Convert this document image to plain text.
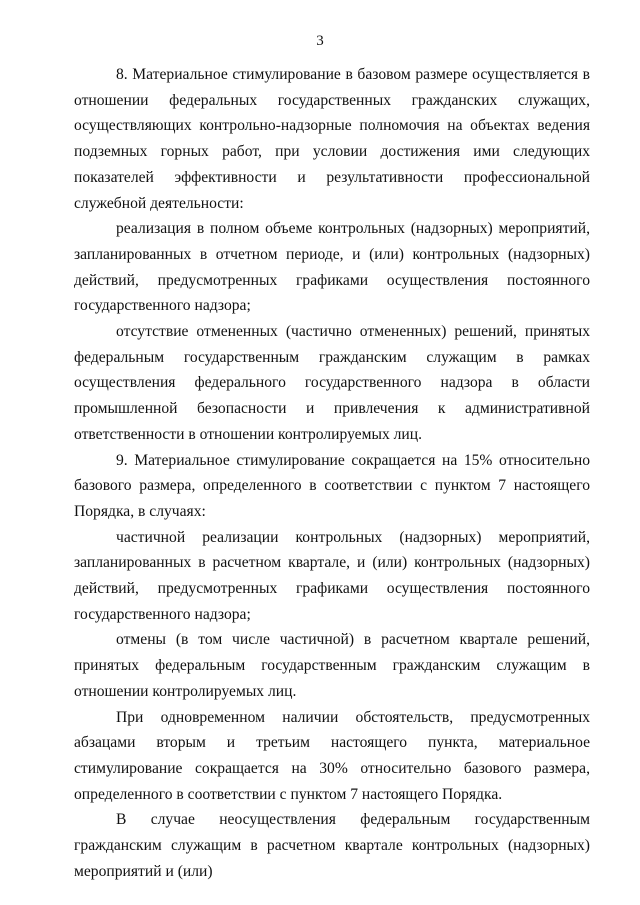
3

8. Материальное стимулирование в базовом размере осуществляется в отношении федеральных государственных гражданских служащих, осуществляющих контрольно-надзорные полномочия на объектах ведения подземных горных работ, при условии достижения ими следующих показателей эффективности и результативности профессиональной служебной деятельности:

реализация в полном объеме контрольных (надзорных) мероприятий, запланированных в отчетном периоде, и (или) контрольных (надзорных) действий, предусмотренных графиками осуществления постоянного государственного надзора;

отсутствие отмененных (частично отмененных) решений, принятых федеральным государственным гражданским служащим в рамках осуществления федерального государственного надзора в области промышленной безопасности и привлечения к административной ответственности в отношении контролируемых лиц.

9. Материальное стимулирование сокращается на 15% относительно базового размера, определенного в соответствии с пунктом 7 настоящего Порядка, в случаях:

частичной реализации контрольных (надзорных) мероприятий, запланированных в расчетном квартале, и (или) контрольных (надзорных) действий, предусмотренных графиками осуществления постоянного государственного надзора;

отмены (в том числе частичной) в расчетном квартале решений, принятых федеральным государственным гражданским служащим в отношении контролируемых лиц.

При одновременном наличии обстоятельств, предусмотренных абзацами вторым и третьим настоящего пункта, материальное стимулирование сокращается на 30% относительно базового размера, определенного в соответствии с пунктом 7 настоящего Порядка.

В случае неосуществления федеральным государственным гражданским служащим в расчетном квартале контрольных (надзорных) мероприятий и (или)
